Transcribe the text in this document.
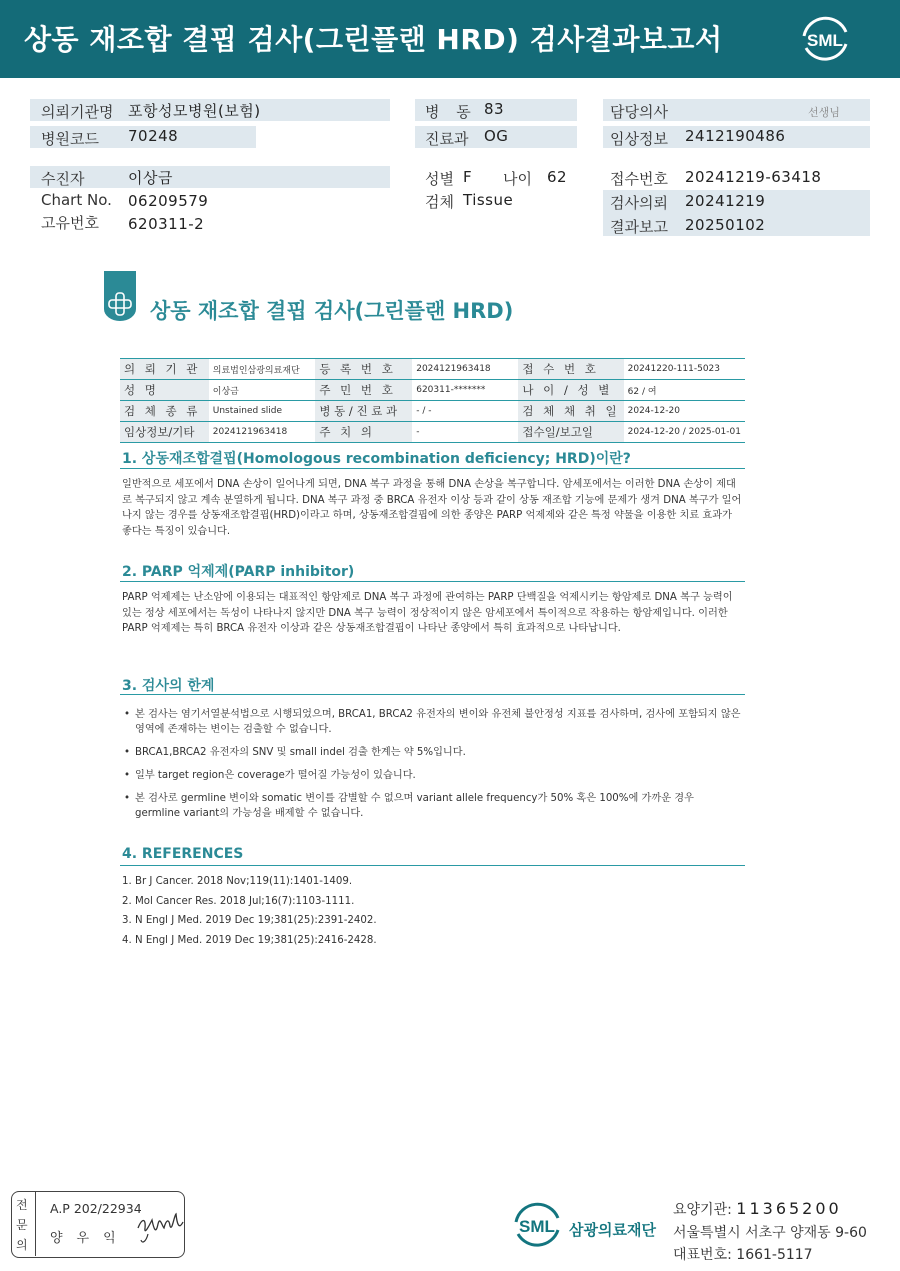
상동 재조합 결핍 검사(그린플랜 HRD) 검사결과보고서	SML
의뢰기관명 포항성모병원(보험)
병원코드 70248
수진자	이상금
Chart No. 06209579
고유번호 620311-2
병 동 83
진료과 OG
성별 F 나이 62
검체 Tissue
담당의사	선생님
임상정보 2412190486
접수번호 20241219-63418
검사의뢰 20241219
결과보고 20250102
상동 재조합 결핍 검사(그린플랜 HRD)
의 뢰 기 관	의료법인삼광의료재단	등 록 번 호	2024121963418	접 수 번 호	20241220-111-5023
성 명	이상금	주 민 번 호	620311-*******	나 이 / 성 별	62 / 여
검 체 종 류	Unstained slide	병 동 / 진 료 과	- / -	검 체 채 취 일	2024-12-20
임상정보/기타	2024121963418	주 치 의	-	접수일/보고일	2024-12-20 / 2025-01-01
1. 상동재조합결핍(Homologous recombination deficiency; HRD)이란?
일반적으로 세포에서 DNA 손상이 일어나게 되면, DNA 복구 과정을 통해 DNA 손상을 복구합니다. 암세포에서는 이러한 DNA 손상이 제대로 복구되지 않고 계속 분열하게 됩니다. DNA 복구 과정 중 BRCA 유전자 이상 등과 같이 상동 재조합 기능에 문제가 생겨 DNA 복구가 일어나지 않는 경우를 상동재조합결핍(HRD)이라고 하며, 상동재조합결핍에 의한 종양은 PARP 억제제와 같은 특정 약물을 이용한 치료 효과가 좋다는 특징이 있습니다.
2. PARP 억제제(PARP inhibitor)
PARP 억제제는 난소암에 이용되는 대표적인 항암제로 DNA 복구 과정에 관여하는 PARP 단백질을 억제시키는 항암제로 DNA 복구 능력이 있는 정상 세포에서는 독성이 나타나지 않지만 DNA 복구 능력이 정상적이지 않은 암세포에서 특이적으로 작용하는 항암제입니다. 이러한 PARP 억제제는 특히 BRCA 유전자 이상과 같은 상동재조합결핍이 나타난 종양에서 특히 효과적으로 나타납니다.
3. 검사의 한계
• 본 검사는 염기서열분석법으로 시행되었으며, BRCA1, BRCA2 유전자의 변이와 유전체 불안정성 지표를 검사하며, 검사에 포함되지 않은 영역에 존재하는 변이는 검출할 수 없습니다.
• BRCA1,BRCA2 유전자의 SNV 및 small indel 검출 한계는 약 5%입니다.
• 일부 target region은 coverage가 떨어질 가능성이 있습니다.
• 본 검사로 germline 변이와 somatic 변이를 감별할 수 없으며 variant allele frequency가 50% 혹은 100%에 가까운 경우 germline variant의 가능성을 배제할 수 없습니다.
4. REFERENCES
1. Br J Cancer. 2018 Nov;119(11):1401-1409.
2. Mol Cancer Res. 2018 Jul;16(7):1103-1111.
3. N Engl J Med. 2019 Dec 19;381(25):2391-2402.
4. N Engl J Med. 2019 Dec 19;381(25):2416-2428.
전
문
의
A.P 202/22934
양우익
SML 삼광의료재단
요양기관: 11365200
서울특별시 서초구 양재동 9-60
대표번호: 1661-5117
